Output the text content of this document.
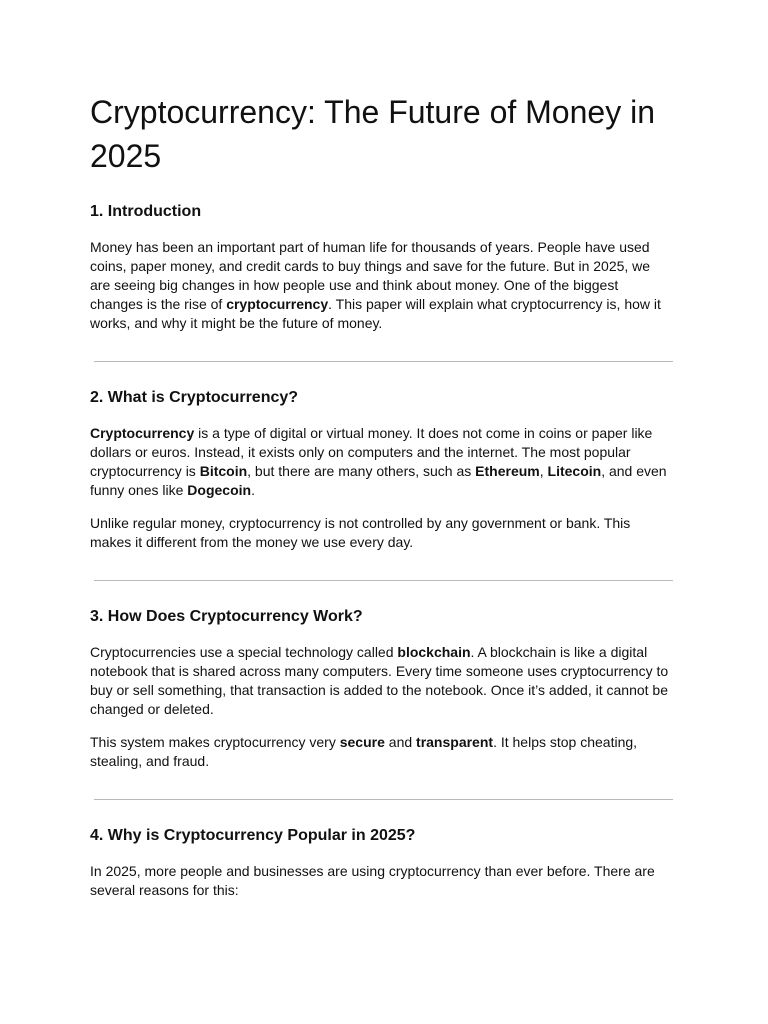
Cryptocurrency: The Future of Money in 2025
1. Introduction

Money has been an important part of human life for thousands of years. People have used coins, paper money, and credit cards to buy things and save for the future. But in 2025, we are seeing big changes in how people use and think about money. One of the biggest changes is the rise of cryptocurrency. This paper will explain what cryptocurrency is, how it works, and why it might be the future of money.

2. What is Cryptocurrency?

Cryptocurrency is a type of digital or virtual money. It does not come in coins or paper like dollars or euros. Instead, it exists only on computers and the internet. The most popular cryptocurrency is Bitcoin, but there are many others, such as Ethereum, Litecoin, and even funny ones like Dogecoin.

Unlike regular money, cryptocurrency is not controlled by any government or bank. This makes it different from the money we use every day.

3. How Does Cryptocurrency Work?

Cryptocurrencies use a special technology called blockchain. A blockchain is like a digital notebook that is shared across many computers. Every time someone uses cryptocurrency to buy or sell something, that transaction is added to the notebook. Once it’s added, it cannot be changed or deleted.

This system makes cryptocurrency very secure and transparent. It helps stop cheating, stealing, and fraud.

4. Why is Cryptocurrency Popular in 2025?

In 2025, more people and businesses are using cryptocurrency than ever before. There are several reasons for this:
